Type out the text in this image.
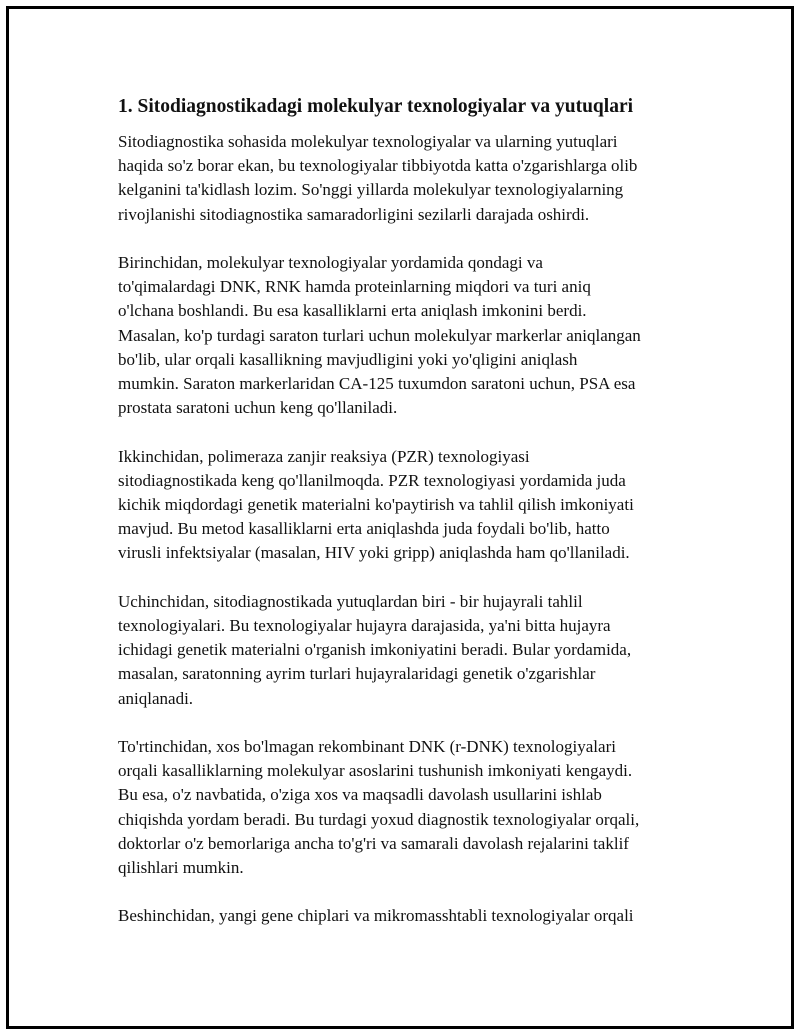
1. Sitodiagnostikadagi molekulyar texnologiyalar va yutuqlari

Sitodiagnostika sohasida molekulyar texnologiyalar va ularning yutuqlari
haqida so'z borar ekan, bu texnologiyalar tibbiyotda katta o'zgarishlarga olib
kelganini ta'kidlash lozim. So'nggi yillarda molekulyar texnologiyalarning
rivojlanishi sitodiagnostika samaradorligini sezilarli darajada oshirdi.

Birinchidan, molekulyar texnologiyalar yordamida qondagi va
to'qimalardagi DNK, RNK hamda proteinlarning miqdori va turi aniq
o'lchana boshlandi. Bu esa kasalliklarni erta aniqlash imkonini berdi.
Masalan, ko'p turdagi saraton turlari uchun molekulyar markerlar aniqlangan
bo'lib, ular orqali kasallikning mavjudligini yoki yo'qligini aniqlash
mumkin. Saraton markerlaridan CA-125 tuxumdon saratoni uchun, PSA esa
prostata saratoni uchun keng qo'llaniladi.

Ikkinchidan, polimeraza zanjir reaksiya (PZR) texnologiyasi
sitodiagnostikada keng qo'llanilmoqda. PZR texnologiyasi yordamida juda
kichik miqdordagi genetik materialni ko'paytirish va tahlil qilish imkoniyati
mavjud. Bu metod kasalliklarni erta aniqlashda juda foydali bo'lib, hatto
virusli infektsiyalar (masalan, HIV yoki gripp) aniqlashda ham qo'llaniladi.

Uchinchidan, sitodiagnostikada yutuqlardan biri - bir hujayrali tahlil
texnologiyalari. Bu texnologiyalar hujayra darajasida, ya'ni bitta hujayra
ichidagi genetik materialni o'rganish imkoniyatini beradi. Bular yordamida,
masalan, saratonning ayrim turlari hujayralaridagi genetik o'zgarishlar
aniqlanadi.

To'rtinchidan, xos bo'lmagan rekombinant DNK (r-DNK) texnologiyalari
orqali kasalliklarning molekulyar asoslarini tushunish imkoniyati kengaydi.
Bu esa, o'z navbatida, o'ziga xos va maqsadli davolash usullarini ishlab
chiqishda yordam beradi. Bu turdagi yoxud diagnostik texnologiyalar orqali,
doktorlar o'z bemorlariga ancha to'g'ri va samarali davolash rejalarini taklif
qilishlari mumkin.

Beshinchidan, yangi gene chiplari va mikromasshtabli texnologiyalar orqali
